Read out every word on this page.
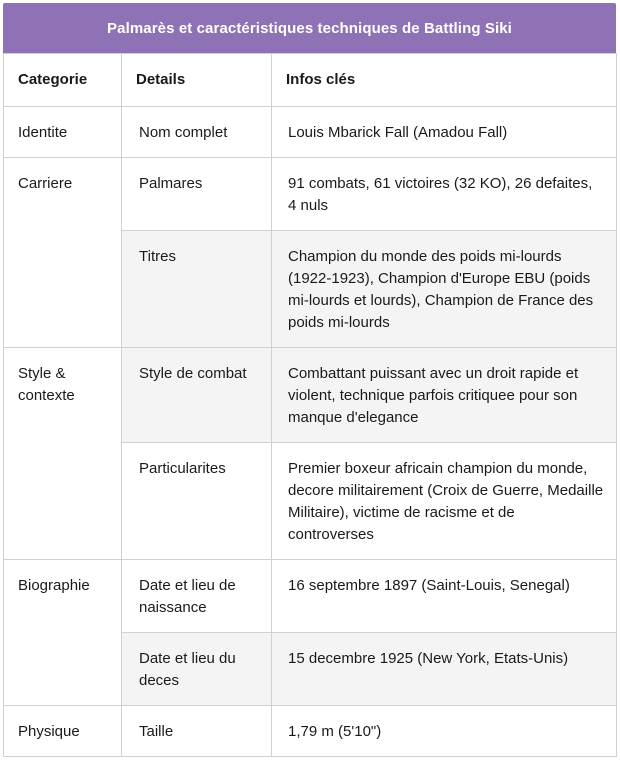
Palmarès et caractéristiques techniques de Battling Siki
Categorie	Details	Infos clés
Identite	Nom complet	Louis Mbarick Fall (Amadou Fall)
Carriere	Palmares	91 combats, 61 victoires (32 KO), 26 defaites, 4 nuls
	Titres	Champion du monde des poids mi-lourds (1922-1923), Champion d'Europe EBU (poids mi-lourds et lourds), Champion de France des poids mi-lourds
Style & contexte	Style de combat	Combattant puissant avec un droit rapide et violent, technique parfois critiquee pour son manque d'elegance
	Particularites	Premier boxeur africain champion du monde, decore militairement (Croix de Guerre, Medaille Militaire), victime de racisme et de controverses
Biographie	Date et lieu de naissance	16 septembre 1897 (Saint-Louis, Senegal)
	Date et lieu du deces	15 decembre 1925 (New York, Etats-Unis)
Physique	Taille	1,79 m (5'10")
